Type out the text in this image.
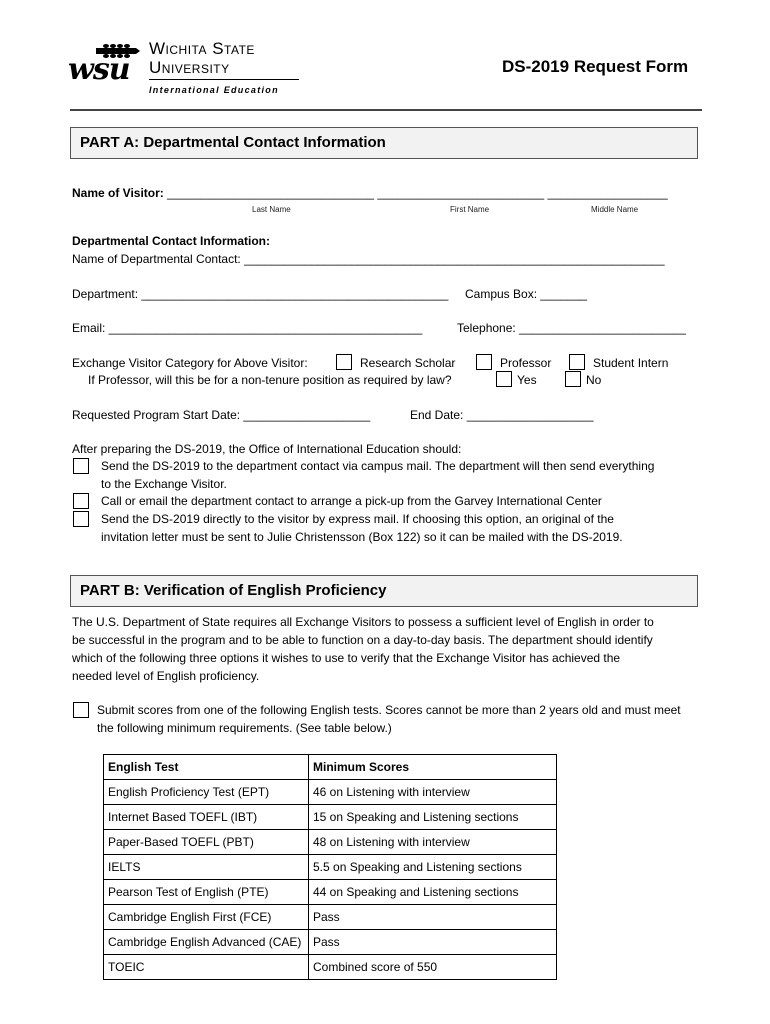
wsu
Wichita State
University
International Education
DS-2019 Request Form
PART A: Departmental Contact Information
Name of Visitor: _______________________________ _________________________ __________________
Last Name	First Name	Middle Name
Departmental Contact Information:
Name of Departmental Contact: _______________________________________________________________
Department: ______________________________________________ Campus Box: _______
Email: _______________________________________________	Telephone: _________________________
Exchange Visitor Category for Above Visitor:	Research Scholar	Professor	Student Intern
If Professor, will this be for a non-tenure position as required by law?	Yes	No
Requested Program Start Date: ___________________	End Date: ___________________
After preparing the DS-2019, the Office of International Education should:
Send the DS-2019 to the department contact via campus mail. The department will then send everything
to the Exchange Visitor.
Call or email the department contact to arrange a pick-up from the Garvey International Center
Send the DS-2019 directly to the visitor by express mail. If choosing this option, an original of the
invitation letter must be sent to Julie Christensson (Box 122) so it can be mailed with the DS-2019.
PART B: Verification of English Proficiency
The U.S. Department of State requires all Exchange Visitors to possess a sufficient level of English in order to
be successful in the program and to be able to function on a day-to-day basis. The department should identify
which of the following three options it wishes to use to verify that the Exchange Visitor has achieved the
needed level of English proficiency.
Submit scores from one of the following English tests. Scores cannot be more than 2 years old and must meet
the following minimum requirements. (See table below.)
English Test	Minimum Scores
English Proficiency Test (EPT)	46 on Listening with interview
Internet Based TOEFL (IBT)	15 on Speaking and Listening sections
Paper-Based TOEFL (PBT)	48 on Listening with interview
IELTS	5.5 on Speaking and Listening sections
Pearson Test of English (PTE)	44 on Speaking and Listening sections
Cambridge English First (FCE)	Pass
Cambridge English Advanced (CAE)	Pass
TOEIC	Combined score of 550
